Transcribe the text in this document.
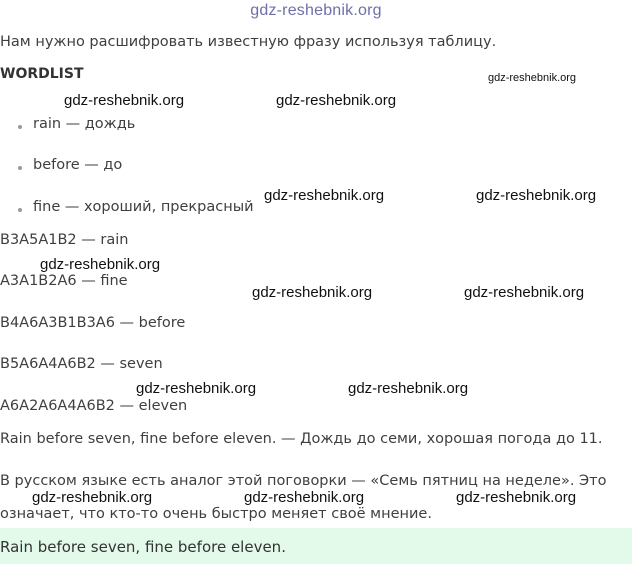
gdz-reshebnik.org
Нам нужно расшифровать известную фразу используя таблицу.
WORDLIST	gdz-reshebnik.org
gdz-reshebnik.org	gdz-reshebnik.org
rain — дождь
before — до
fine — хороший, прекрасный
gdz-reshebnik.org	gdz-reshebnik.org
B3A5A1B2 — rain
gdz-reshebnik.org
A3A1B2A6 — fine
gdz-reshebnik.org	gdz-reshebnik.org
B4A6A3B1B3A6 — before
B5A6A4A6B2 — seven
gdz-reshebnik.org	gdz-reshebnik.org
A6A2A6A4A6B2 — eleven
Rain before seven, fine before eleven. — Дождь до семи, хорошая погода до 11.
В русском языке есть аналог этой поговорки — «Семь пятниц на неделе». Это
gdz-reshebnik.org	gdz-reshebnik.org	gdz-reshebnik.org
означает, что кто-то очень быстро меняет своё мнение.
Rain before seven, fine before eleven.
